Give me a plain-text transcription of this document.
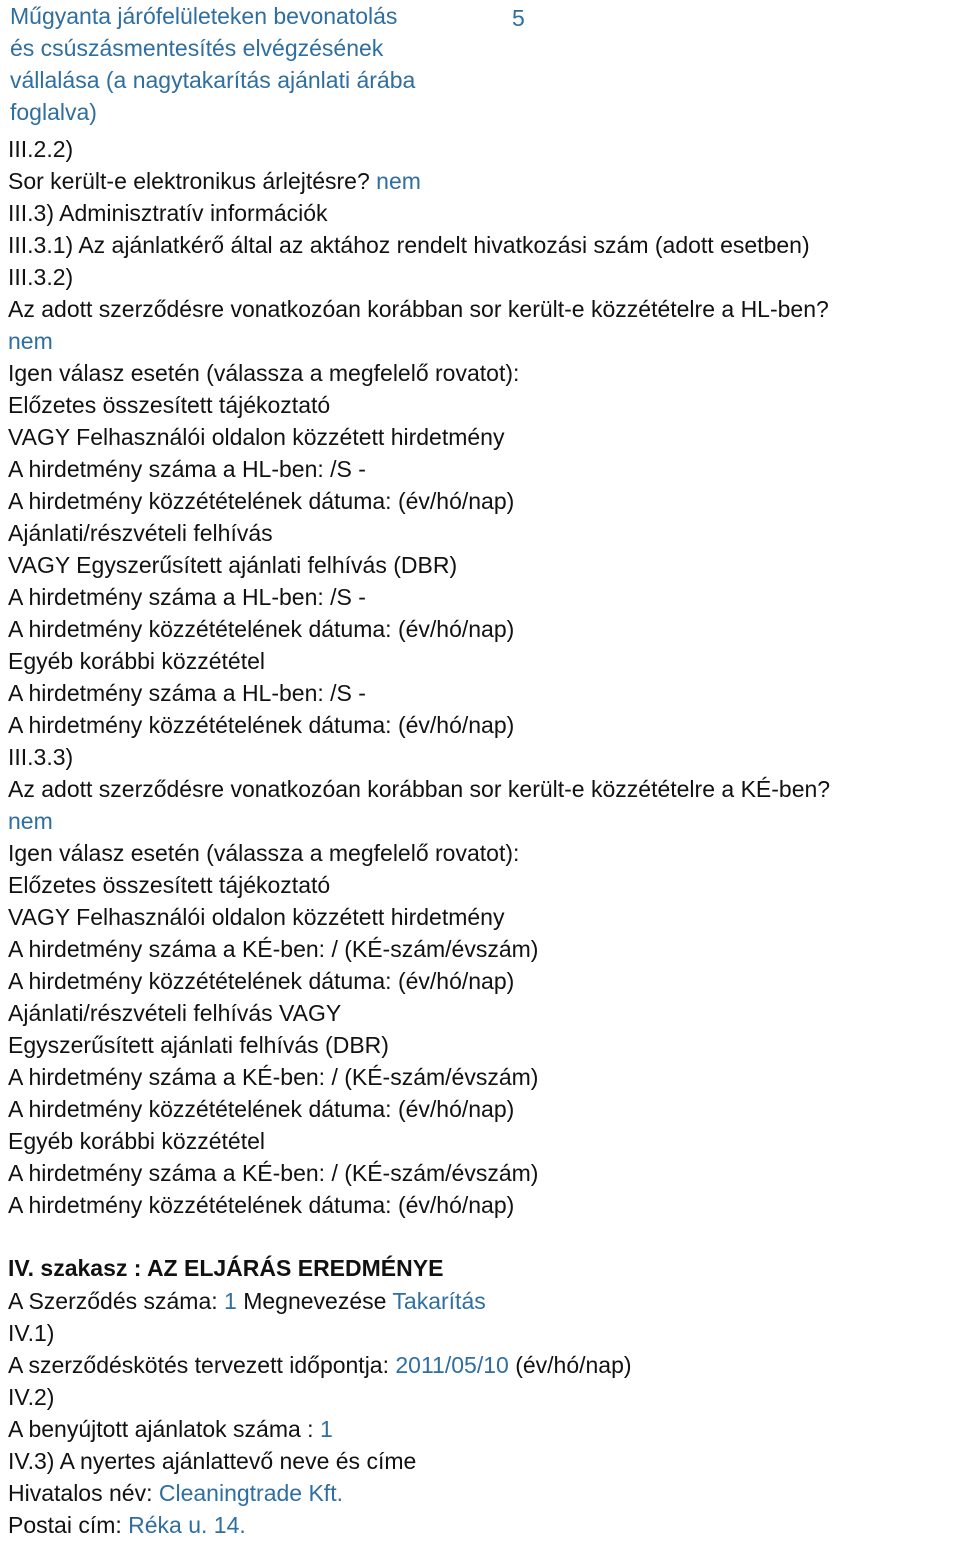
Műgyanta járófelületeken bevonatolás
és csúszásmentesítés elvégzésének
vállalása (a nagytakarítás ajánlati árába
foglalva)
5
III.2.2)
Sor került-e elektronikus árlejtésre? nem
III.3) Adminisztratív információk
III.3.1) Az ajánlatkérő által az aktához rendelt hivatkozási szám (adott esetben)
III.3.2)
Az adott szerződésre vonatkozóan korábban sor került-e közzétételre a HL-ben?
nem
Igen válasz esetén (válassza a megfelelő rovatot):
Előzetes összesített tájékoztató
VAGY Felhasználói oldalon közzétett hirdetmény
A hirdetmény száma a HL-ben: /S -
A hirdetmény közzétételének dátuma: (év/hó/nap)
Ajánlati/részvételi felhívás
VAGY Egyszerűsített ajánlati felhívás (DBR)
A hirdetmény száma a HL-ben: /S -
A hirdetmény közzétételének dátuma: (év/hó/nap)
Egyéb korábbi közzététel
A hirdetmény száma a HL-ben: /S -
A hirdetmény közzétételének dátuma: (év/hó/nap)
III.3.3)
Az adott szerződésre vonatkozóan korábban sor került-e közzétételre a KÉ-ben?
nem
Igen válasz esetén (válassza a megfelelő rovatot):
Előzetes összesített tájékoztató
VAGY Felhasználói oldalon közzétett hirdetmény
A hirdetmény száma a KÉ-ben: / (KÉ-szám/évszám)
A hirdetmény közzétételének dátuma: (év/hó/nap)
Ajánlati/részvételi felhívás VAGY
Egyszerűsített ajánlati felhívás (DBR)
A hirdetmény száma a KÉ-ben: / (KÉ-szám/évszám)
A hirdetmény közzétételének dátuma: (év/hó/nap)
Egyéb korábbi közzététel
A hirdetmény száma a KÉ-ben: / (KÉ-szám/évszám)
A hirdetmény közzétételének dátuma: (év/hó/nap)
IV. szakasz : AZ ELJÁRÁS EREDMÉNYE
A Szerződés száma: 1 Megnevezése Takarítás
IV.1)
A szerződéskötés tervezett időpontja: 2011/05/10 (év/hó/nap)
IV.2)
A benyújtott ajánlatok száma : 1
IV.3) A nyertes ajánlattevő neve és címe
Hivatalos név: Cleaningtrade Kft.
Postai cím: Réka u. 14.
